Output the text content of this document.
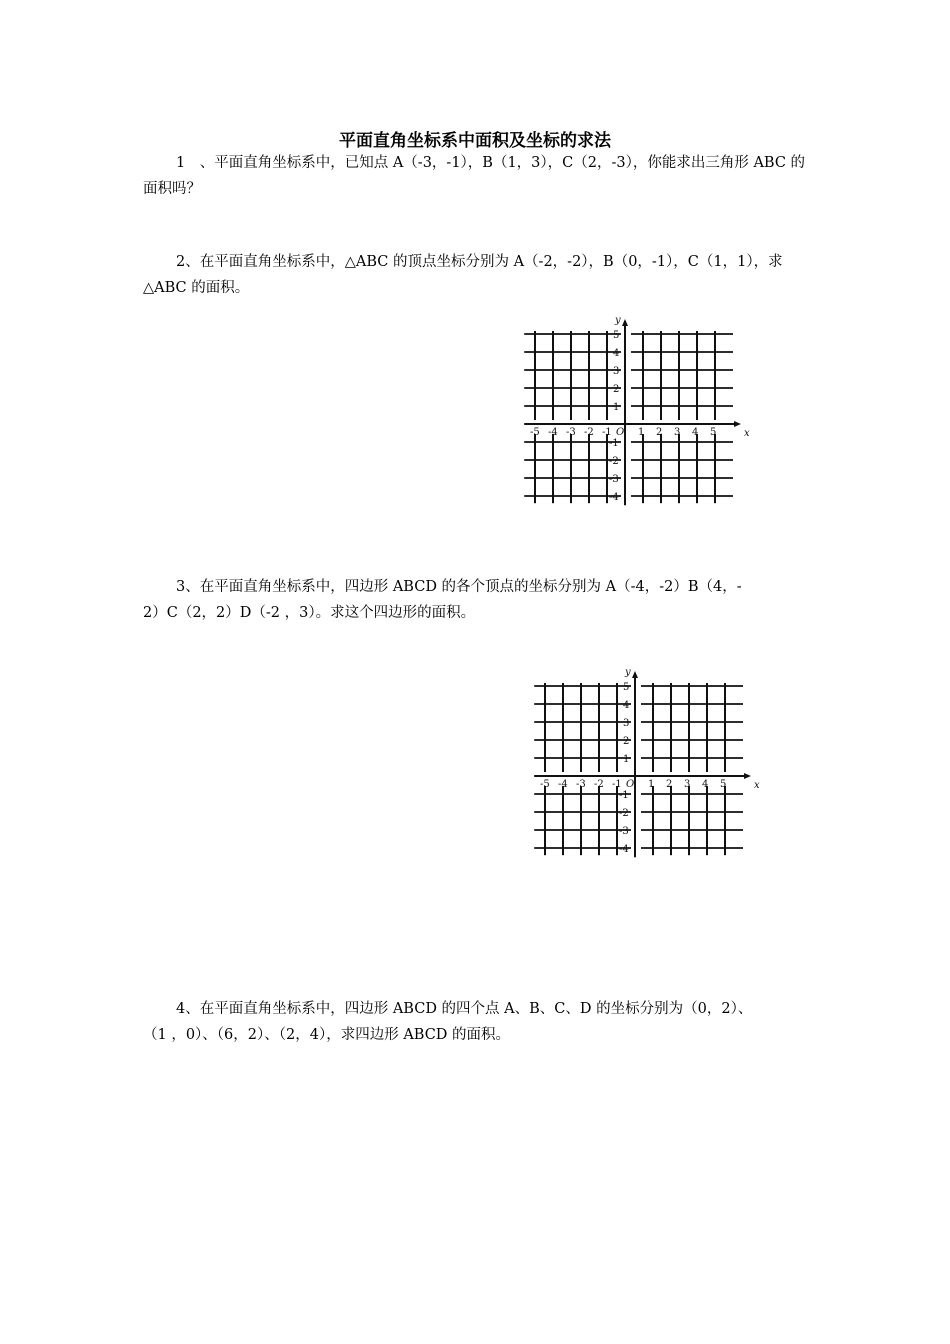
平面直角坐标系中面积及坐标的求法
1　、平面直角坐标系中，已知点 A（-3，-1），B（1，3），C（2，-3），你能求出三角形 ABC 的
面积吗？
2、在平面直角坐标系中，△ABC 的顶点坐标分别为 A（-2，-2），B（0，-1），C（1，1），求
△ABC 的面积。
x
y
O
-5 -4 -3 -2 -1	1 2 3 4 5
5
4
3
2
1
-1
-2
-3
-4
3、在平面直角坐标系中，四边形 ABCD 的各个顶点的坐标分别为 A（-4，-2）B（4，-
2）C（2，2）D（-2 ，3）。求这个四边形的面积。
x
y
O
-5 -4 -3 -2 -1	1 2 3 4 5
5
4
3
2
1
-1
-2
-3
-4
4、在平面直角坐标系中，四边形 ABCD 的四个点 A、B、C、D 的坐标分别为（0，2）、
（1 ，0）、（6，2）、（2，4），求四边形 ABCD 的面积。
